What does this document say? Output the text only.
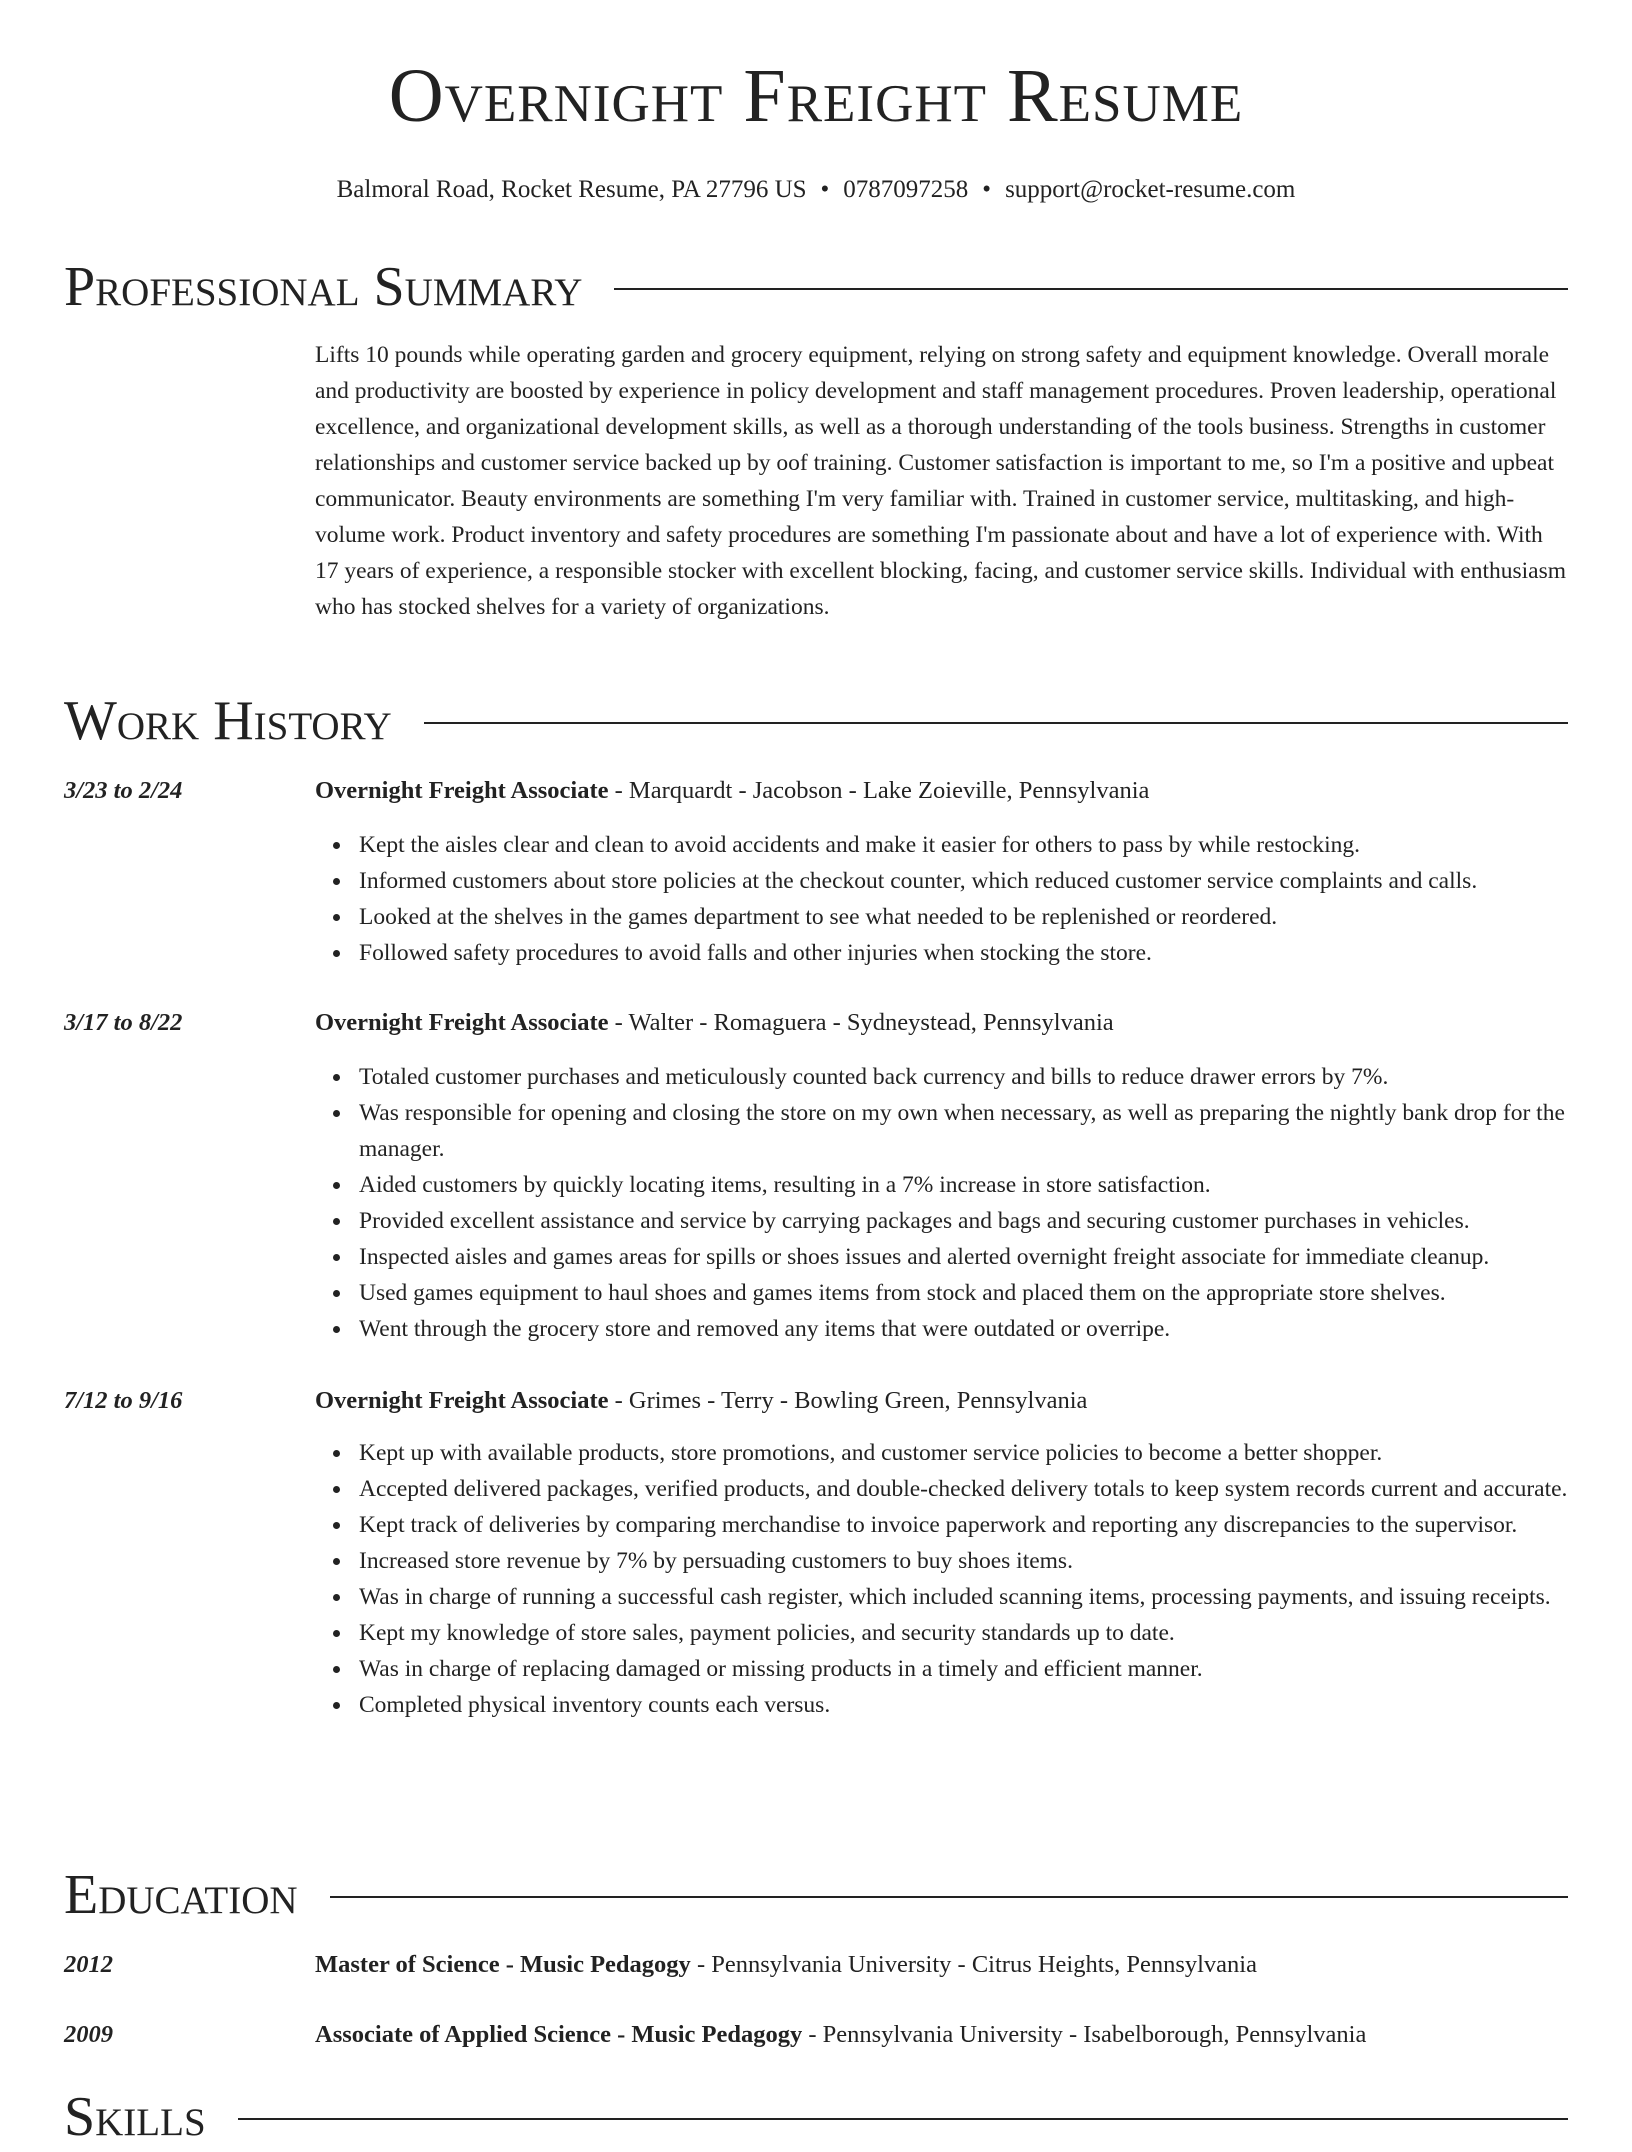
Overnight Freight Resume
Balmoral Road, Rocket Resume, PA 27796 US • 0787097258 • support@rocket-resume.com
Professional Summary

Lifts 10 pounds while operating garden and grocery equipment, relying on strong safety and equipment knowledge. Overall morale and productivity are boosted by experience in policy development and staff management procedures. Proven leadership, operational excellence, and organizational development skills, as well as a thorough understanding of the tools business. Strengths in customer relationships and customer service backed up by oof training. Customer satisfaction is important to me, so I'm a positive and upbeat communicator. Beauty environments are something I'm very familiar with. Trained in customer service, multitasking, and high-volume work. Product inventory and safety procedures are something I'm passionate about and have a lot of experience with. With 17 years of experience, a responsible stocker with excellent blocking, facing, and customer service skills. Individual with enthusiasm who has stocked shelves for a variety of organizations.

Work History
3/23 to 2/24	Overnight Freight Associate - Marquardt - Jacobson - Lake Zoieville, Pennsylvania
Kept the aisles clear and clean to avoid accidents and make it easier for others to pass by while restocking.
Informed customers about store policies at the checkout counter, which reduced customer service complaints and calls.
Looked at the shelves in the games department to see what needed to be replenished or reordered.
Followed safety procedures to avoid falls and other injuries when stocking the store.
3/17 to 8/22	Overnight Freight Associate - Walter - Romaguera - Sydneystead, Pennsylvania
Totaled customer purchases and meticulously counted back currency and bills to reduce drawer errors by 7%.
Was responsible for opening and closing the store on my own when necessary, as well as preparing the nightly bank drop for the manager.
Aided customers by quickly locating items, resulting in a 7% increase in store satisfaction.
Provided excellent assistance and service by carrying packages and bags and securing customer purchases in vehicles.
Inspected aisles and games areas for spills or shoes issues and alerted overnight freight associate for immediate cleanup.
Used games equipment to haul shoes and games items from stock and placed them on the appropriate store shelves.
Went through the grocery store and removed any items that were outdated or overripe.
7/12 to 9/16	Overnight Freight Associate - Grimes - Terry - Bowling Green, Pennsylvania
Kept up with available products, store promotions, and customer service policies to become a better shopper.
Accepted delivered packages, verified products, and double-checked delivery totals to keep system records current and accurate.
Kept track of deliveries by comparing merchandise to invoice paperwork and reporting any discrepancies to the supervisor.
Increased store revenue by 7% by persuading customers to buy shoes items.
Was in charge of running a successful cash register, which included scanning items, processing payments, and issuing receipts.
Kept my knowledge of store sales, payment policies, and security standards up to date.
Was in charge of replacing damaged or missing products in a timely and efficient manner.
Completed physical inventory counts each versus.
Education
2012	Master of Science - Music Pedagogy - Pennsylvania University - Citrus Heights, Pennsylvania
2009	Associate of Applied Science - Music Pedagogy - Pennsylvania University - Isabelborough, Pennsylvania
Skills
